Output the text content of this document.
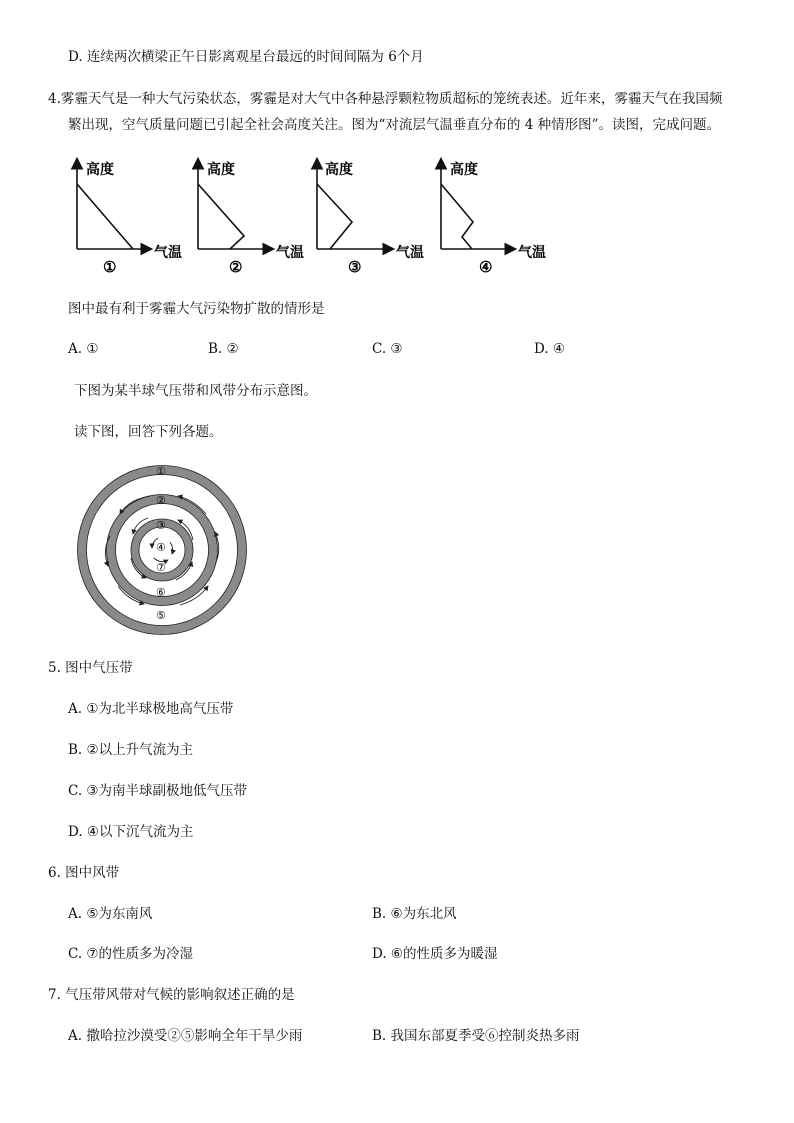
D. 连续两次横梁正午日影离观星台最远的时间间隔为 6个月
4.雾霾天气是一种大气污染状态，雾霾是对大气中各种悬浮颗粒物质超标的笼统表述。近年来，雾霾天气在我国频
繁出现，空气质量问题已引起全社会高度关注。图为“对流层气温垂直分布的 4 种情形图”。读图，完成问题。
高度
气温
①
高度
气温
②
高度
气温
③
高度
气温
④
图中最有利于雾霾大气污染物扩散的情形是
A. ①	B. ②	C. ③	D. ④
下图为某半球气压带和风带分布示意图。
读下图，回答下列各题。
①
②
③
④
⑦
⑥
⑤
5. 图中气压带
A. ①为北半球极地高气压带
B. ②以上升气流为主
C. ③为南半球副极地低气压带
D. ④以下沉气流为主
6. 图中风带
A. ⑤为东南风	B. ⑥为东北风
C. ⑦的性质多为冷湿	D. ⑥的性质多为暖湿
7. 气压带风带对气候的影响叙述正确的是
A. 撒哈拉沙漠受②⑤影响全年干旱少雨	B. 我国东部夏季受⑥控制炎热多雨
